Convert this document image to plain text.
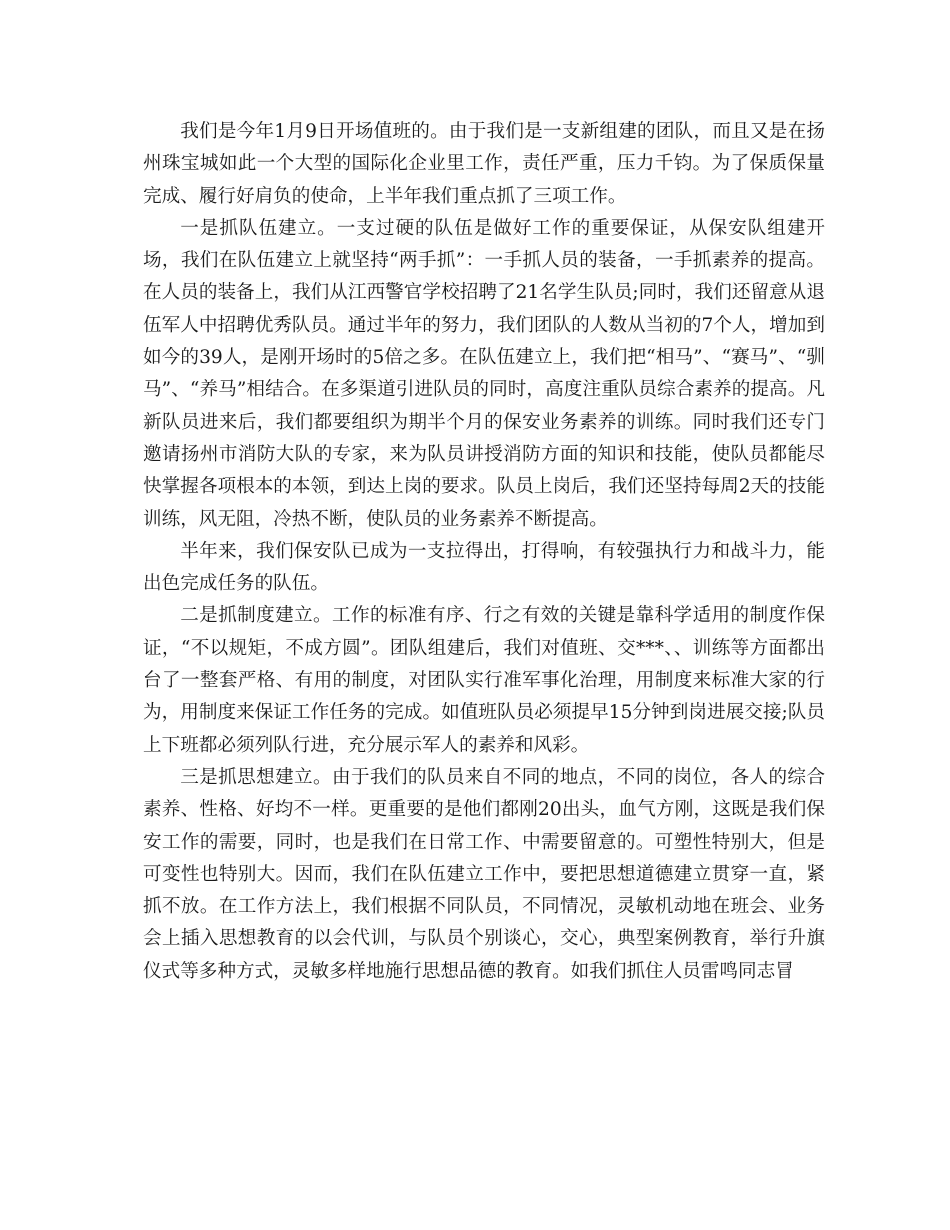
我们是今年1月9日开场值班的。由于我们是一支新组建的团队，而且又是在扬州珠宝城如此一个大型的国际化企业里工作，责任严重，压力千钧。为了保质保量完成、履行好肩负的使命，上半年我们重点抓了三项工作。

一是抓队伍建立。一支过硬的队伍是做好工作的重要保证，从保安队组建开场，我们在队伍建立上就坚持“两手抓”：一手抓人员的装备，一手抓素养的提高。在人员的装备上，我们从江西警官学校招聘了21名学生队员;同时，我们还留意从退伍军人中招聘优秀队员。通过半年的努力，我们团队的人数从当初的7个人，增加到如今的39人，是刚开场时的5倍之多。在队伍建立上，我们把“相马”、“赛马”、“驯马”、“养马”相结合。在多渠道引进队员的同时，高度注重队员综合素养的提高。凡新队员进来后，我们都要组织为期半个月的保安业务素养的训练。同时我们还专门邀请扬州市消防大队的专家，来为队员讲授消防方面的知识和技能，使队员都能尽快掌握各项根本的本领，到达上岗的要求。队员上岗后，我们还坚持每周2天的技能训练，风无阻，冷热不断，使队员的业务素养不断提高。

半年来，我们保安队已成为一支拉得出，打得响，有较强执行力和战斗力，能出色完成任务的队伍。

二是抓制度建立。工作的标准有序、行之有效的关键是靠科学适用的制度作保证，“不以规矩，不成方圆”。团队组建后，我们对值班、交***、、训练等方面都出台了一整套严格、有用的制度，对团队实行准军事化治理，用制度来标准大家的行为，用制度来保证工作任务的完成。如值班队员必须提早15分钟到岗进展交接;队员上下班都必须列队行进，充分展示军人的素养和风彩。

三是抓思想建立。由于我们的队员来自不同的地点，不同的岗位，各人的综合素养、性格、好均不一样。更重要的是他们都刚20出头，血气方刚，这既是我们保安工作的需要，同时，也是我们在日常工作、中需要留意的。可塑性特别大，但是可变性也特别大。因而，我们在队伍建立工作中，要把思想道德建立贯穿一直，紧抓不放。在工作方法上，我们根据不同队员，不同情况，灵敏机动地在班会、业务会上插入思想教育的以会代训，与队员个别谈心，交心，典型案例教育，举行升旗仪式等多种方式，灵敏多样地施行思想品德的教育。如我们抓住人员雷鸣同志冒
